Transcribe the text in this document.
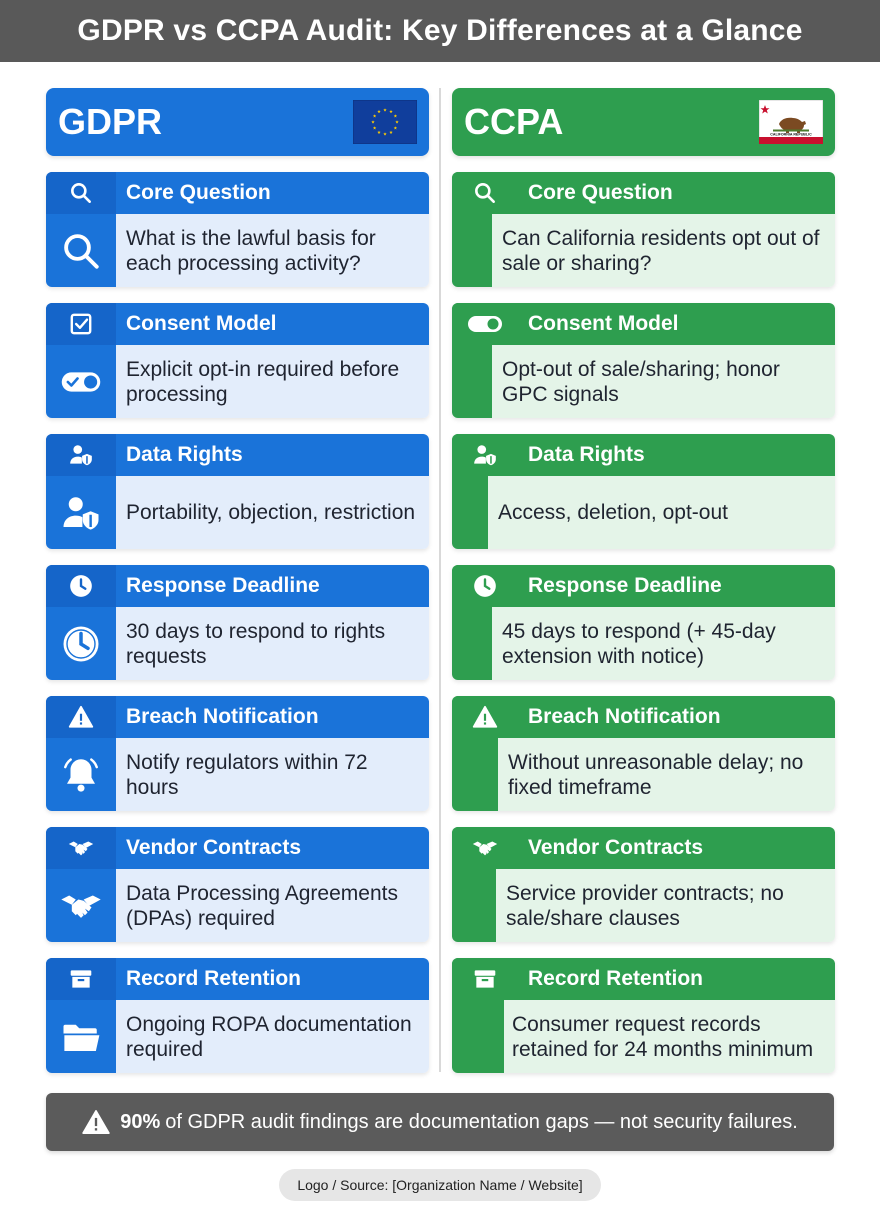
GDPR vs CCPA Audit: Key Differences at a Glance
GDPR
Core Question
What is the lawful basis for each processing activity?
Consent Model
Explicit opt-in required before processing
Data Rights
Portability, objection, restriction
Response Deadline
30 days to respond to rights requests
Breach Notification
Notify regulators within 72 hours
Vendor Contracts
Data Processing Agreements (DPAs) required
Record Retention
Ongoing ROPA documentation required
CCPA	CALIFORNIA REPUBLIC
Core Question
Can California residents opt out of sale or sharing?
Consent Model
Opt-out of sale/sharing; honor GPC signals
Data Rights
Access, deletion, opt-out
Response Deadline
45 days to respond (+ 45-day extension with notice)
Breach Notification
Without unreasonable delay; no fixed timeframe
Vendor Contracts
Service provider contracts; no sale/share clauses
Record Retention
Consumer request records retained for 24 months minimum
90% of GDPR audit findings are documentation gaps — not security failures.
Logo / Source: [Organization Name / Website]
